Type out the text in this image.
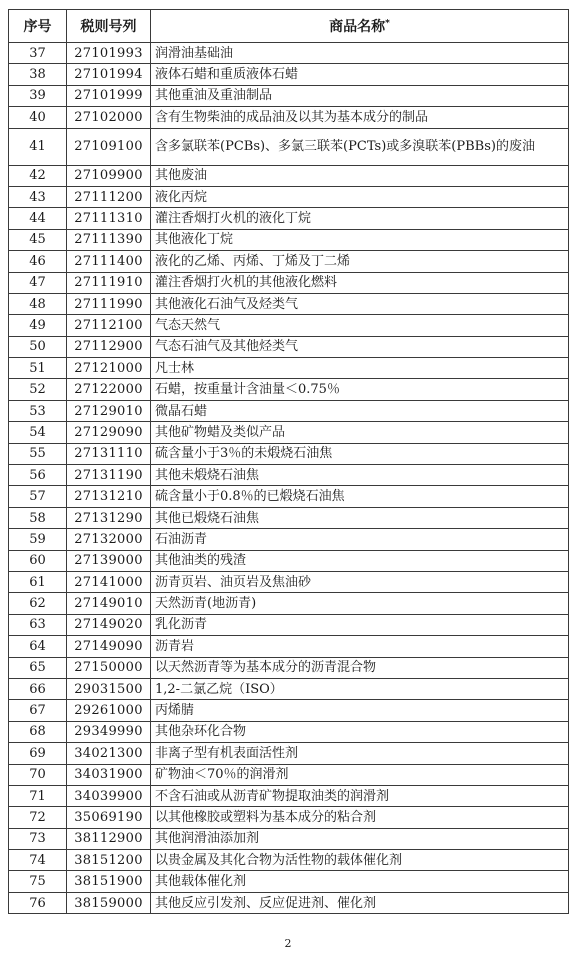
序号	税则号列	商品名称*
37	27101993	润滑油基础油
38	27101994	液体石蜡和重质液体石蜡
39	27101999	其他重油及重油制品
40	27102000	含有生物柴油的成品油及以其为基本成分的制品
41	27109100	含多氯联苯(PCBs)、多氯三联苯(PCTs)或多溴联苯(PBBs)的废油
42	27109900	其他废油
43	27111200	液化丙烷
44	27111310	灌注香烟打火机的液化丁烷
45	27111390	其他液化丁烷
46	27111400	液化的乙烯、丙烯、丁烯及丁二烯
47	27111910	灌注香烟打火机的其他液化燃料
48	27111990	其他液化石油气及烃类气
49	27112100	气态天然气
50	27112900	气态石油气及其他烃类气
51	27121000	凡士林
52	27122000	石蜡，按重量计含油量＜0.75％
53	27129010	微晶石蜡
54	27129090	其他矿物蜡及类似产品
55	27131110	硫含量小于3％的未煅烧石油焦
56	27131190	其他未煅烧石油焦
57	27131210	硫含量小于0.8％的已煅烧石油焦
58	27131290	其他已煅烧石油焦
59	27132000	石油沥青
60	27139000	其他油类的残渣
61	27141000	沥青页岩、油页岩及焦油砂
62	27149010	天然沥青(地沥青)
63	27149020	乳化沥青
64	27149090	沥青岩
65	27150000	以天然沥青等为基本成分的沥青混合物
66	29031500	1,2-二氯乙烷（ISO）
67	29261000	丙烯腈
68	29349990	其他杂环化合物
69	34021300	非离子型有机表面活性剂
70	34031900	矿物油＜70％的润滑剂
71	34039900	不含石油或从沥青矿物提取油类的润滑剂
72	35069190	以其他橡胶或塑料为基本成分的粘合剂
73	38112900	其他润滑油添加剂
74	38151200	以贵金属及其化合物为活性物的载体催化剂
75	38151900	其他载体催化剂
76	38159000	其他反应引发剂、反应促进剂、催化剂
2
